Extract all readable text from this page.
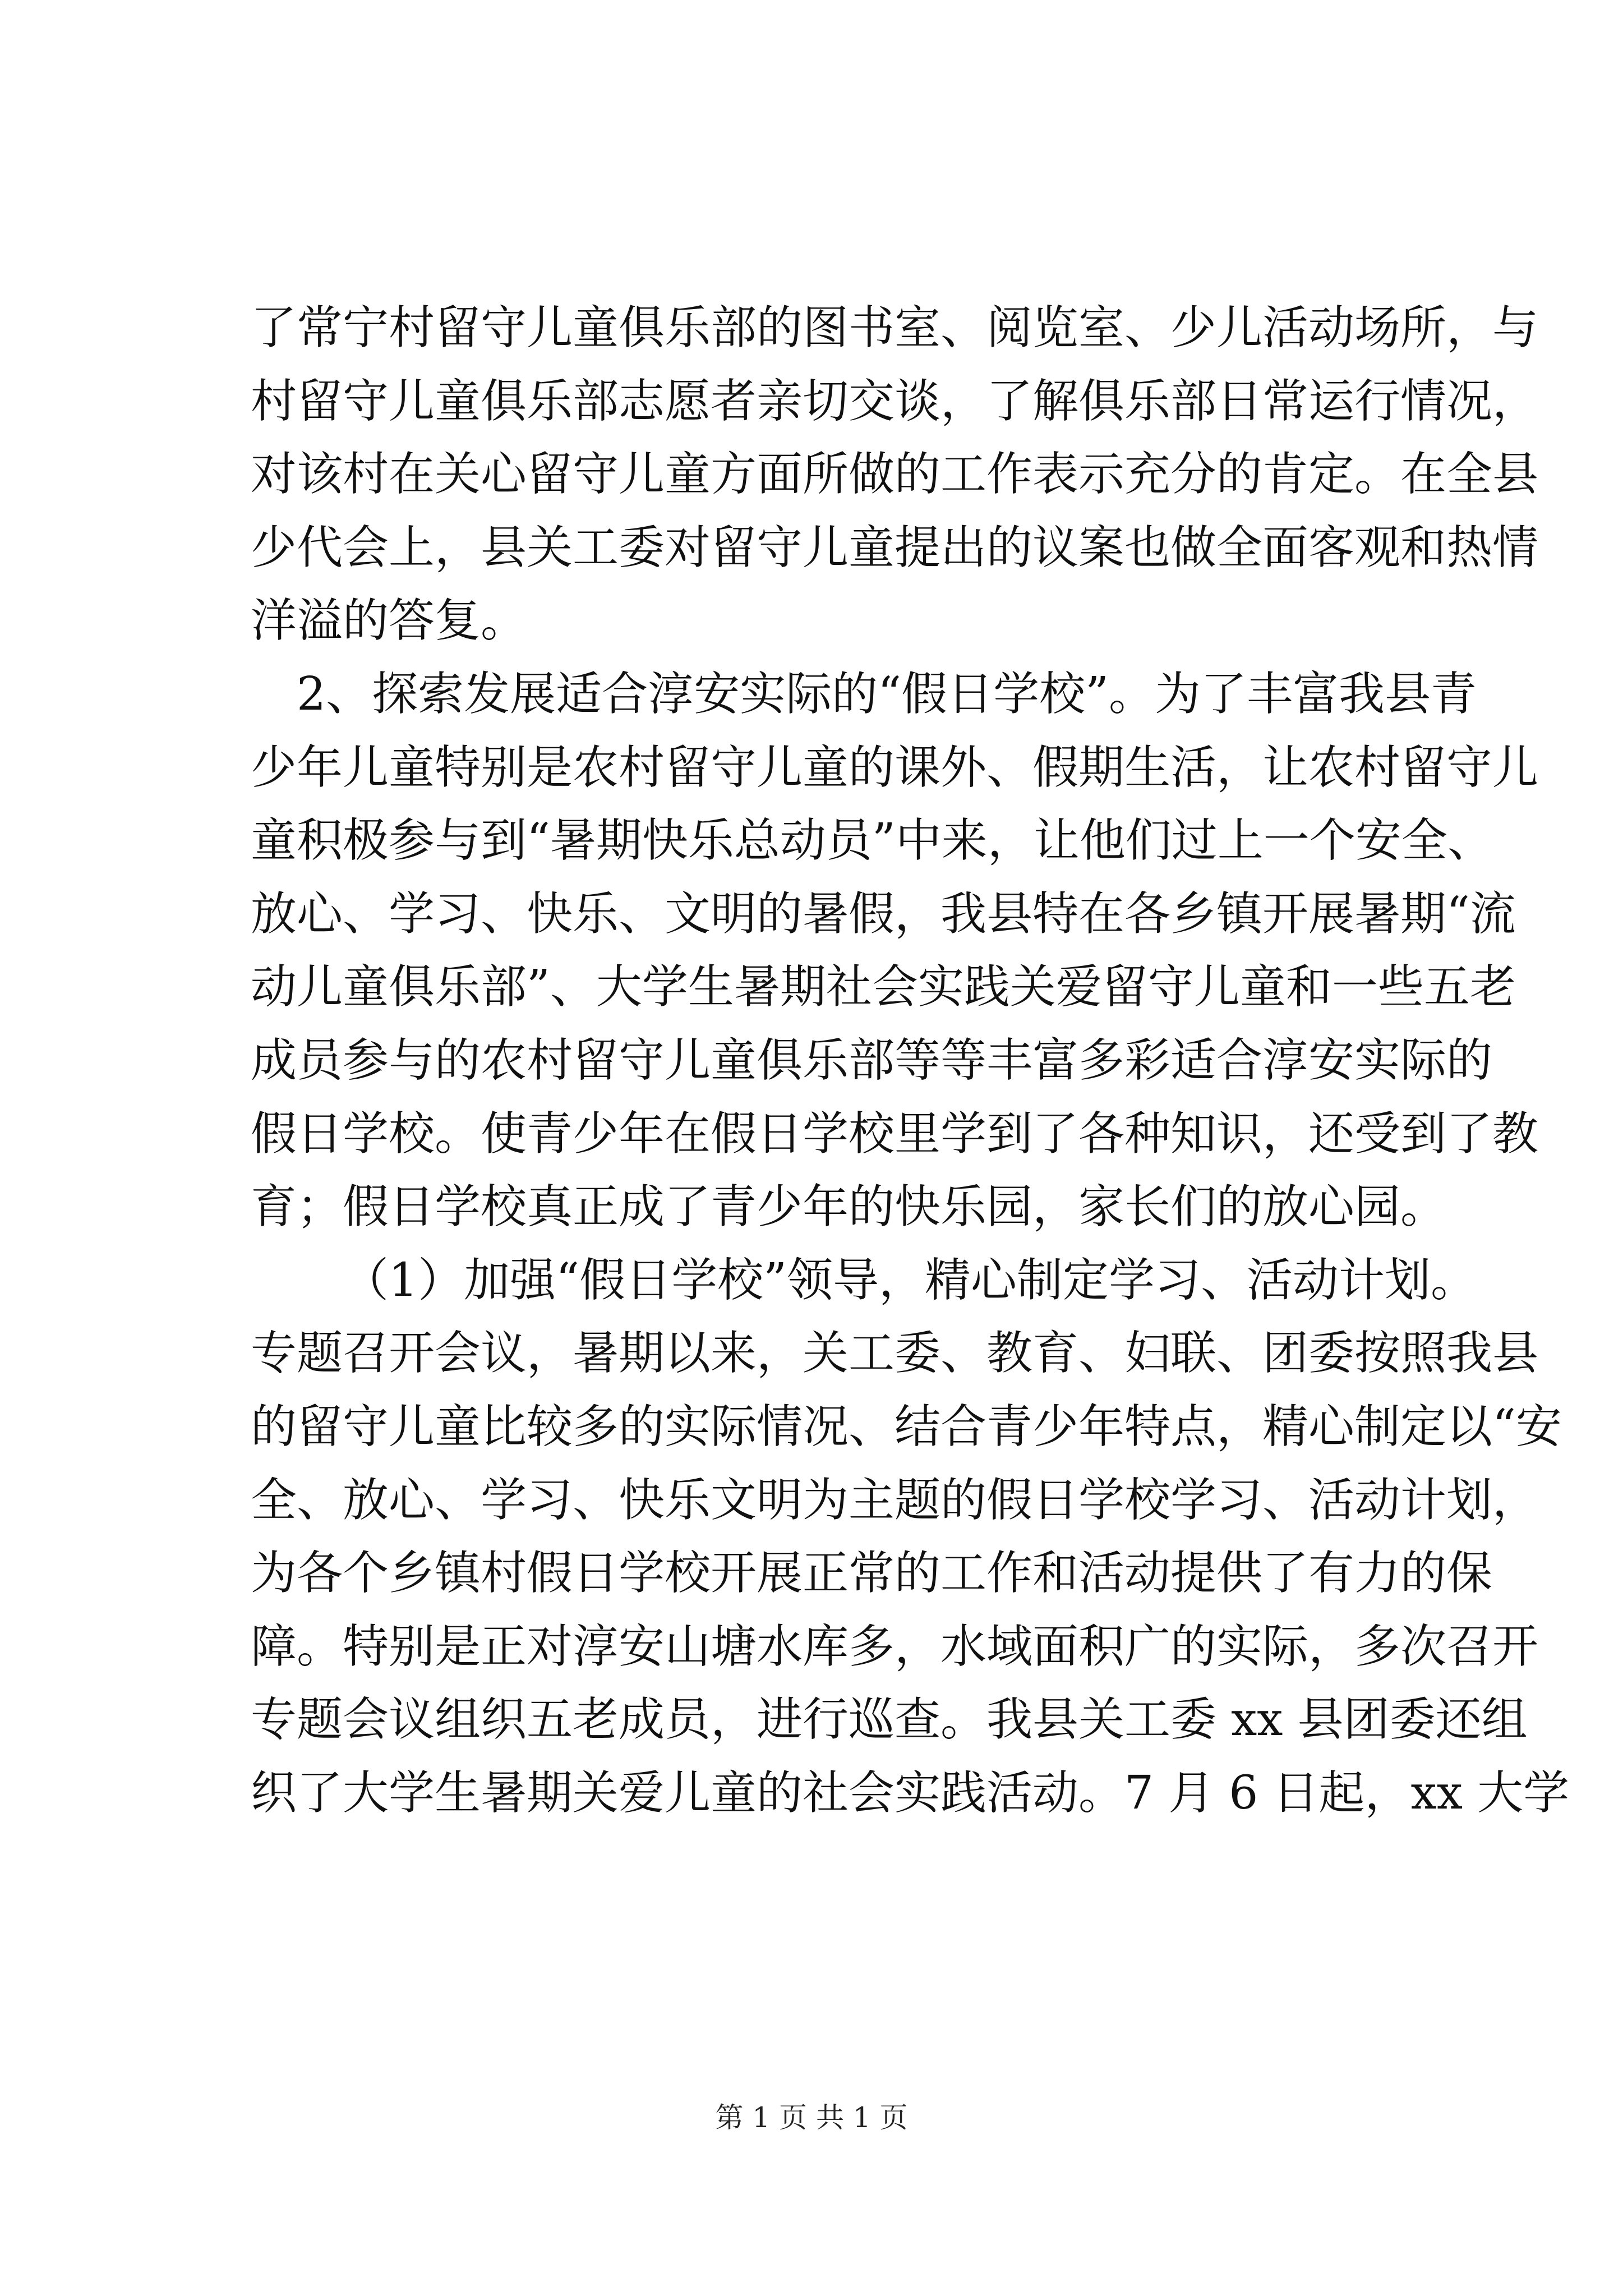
了常宁村留守儿童俱乐部的图书室、阅览室、少儿活动场所，与
村留守儿童俱乐部志愿者亲切交谈，了解俱乐部日常运行情况，
对该村在关心留守儿童方面所做的工作表示充分的肯定。在全县
少代会上，县关工委对留守儿童提出的议案也做全面客观和热情
洋溢的答复。
2、探索发展适合淳安实际的“假日学校”。为了丰富我县青
少年儿童特别是农村留守儿童的课外、假期生活，让农村留守儿
童积极参与到“暑期快乐总动员”中来，让他们过上一个安全、
放心、学习、快乐、文明的暑假，我县特在各乡镇开展暑期“流
动儿童俱乐部”、大学生暑期社会实践关爱留守儿童和一些五老
成员参与的农村留守儿童俱乐部等等丰富多彩适合淳安实际的
假日学校。使青少年在假日学校里学到了各种知识，还受到了教
育；假日学校真正成了青少年的快乐园，家长们的放心园。
（1）加强“假日学校”领导，精心制定学习、活动计划。
专题召开会议，暑期以来，关工委、教育、妇联、团委按照我县
的留守儿童比较多的实际情况、结合青少年特点，精心制定以“安
全、放心、学习、快乐文明为主题的假日学校学习、活动计划，
为各个乡镇村假日学校开展正常的工作和活动提供了有力的保
障。特别是正对淳安山塘水库多，水域面积广的实际，多次召开
专题会议组织五老成员，进行巡查。我县关工委 xx 县团委还组
织了大学生暑期关爱儿童的社会实践活动。7 月 6 日起，xx 大学
第 1 页 共 1 页
